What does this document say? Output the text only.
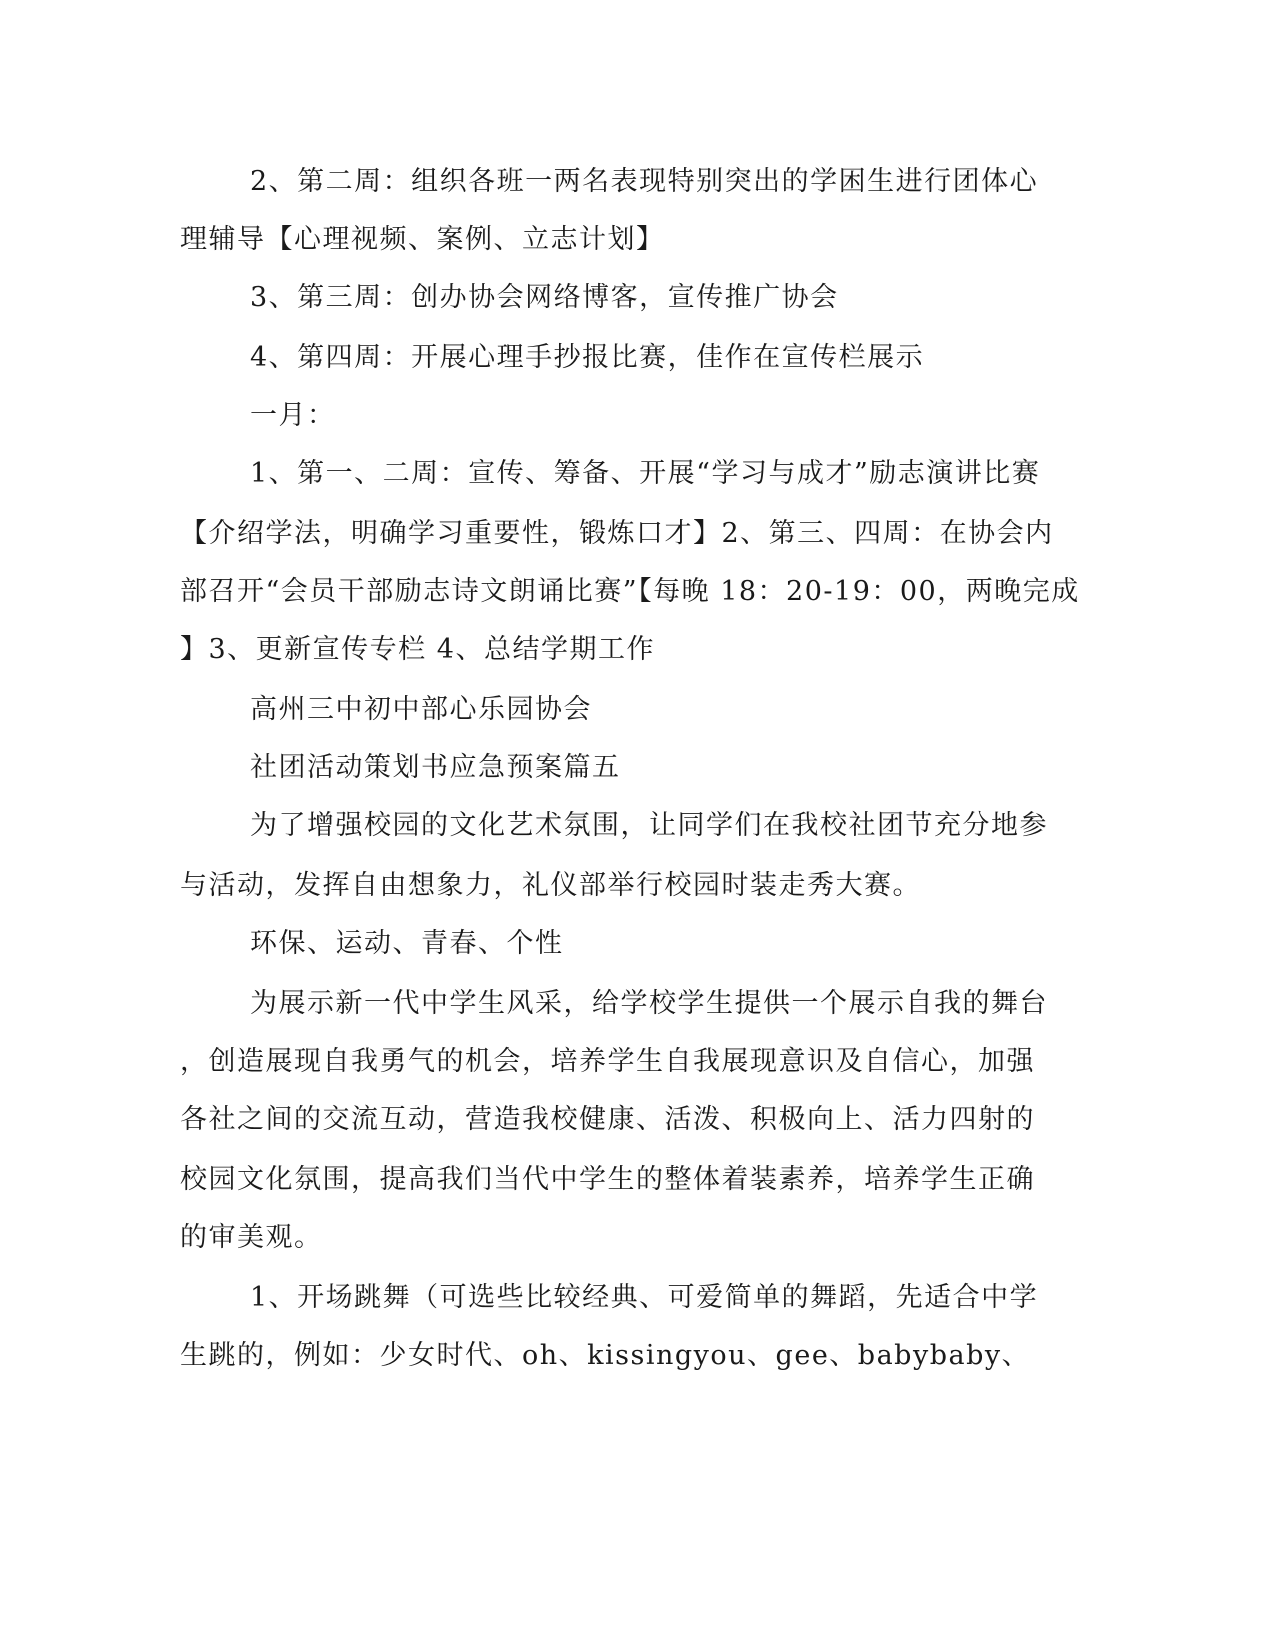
2、第二周：组织各班一两名表现特别突出的学困生进行团体心
理辅导【心理视频、案例、立志计划】
3、第三周：创办协会网络博客，宣传推广协会
4、第四周：开展心理手抄报比赛，佳作在宣传栏展示
一月：
1、第一、二周：宣传、筹备、开展“学习与成才”励志演讲比赛
【介绍学法，明确学习重要性，锻炼口才】2、第三、四周：在协会内
部召开“会员干部励志诗文朗诵比赛”【每晚 18：20-19：00，两晚完成
】3、更新宣传专栏 4、总结学期工作
高州三中初中部心乐园协会
社团活动策划书应急预案篇五
为了增强校园的文化艺术氛围，让同学们在我校社团节充分地参
与活动，发挥自由想象力，礼仪部举行校园时装走秀大赛。
环保、运动、青春、个性
为展示新一代中学生风采，给学校学生提供一个展示自我的舞台
，创造展现自我勇气的机会，培养学生自我展现意识及自信心，加强
各社之间的交流互动，营造我校健康、活泼、积极向上、活力四射的
校园文化氛围，提高我们当代中学生的整体着装素养，培养学生正确
的审美观。
1、开场跳舞（可选些比较经典、可爱简单的舞蹈，先适合中学
生跳的，例如：少女时代、oh、kissingyou、gee、babybaby、
